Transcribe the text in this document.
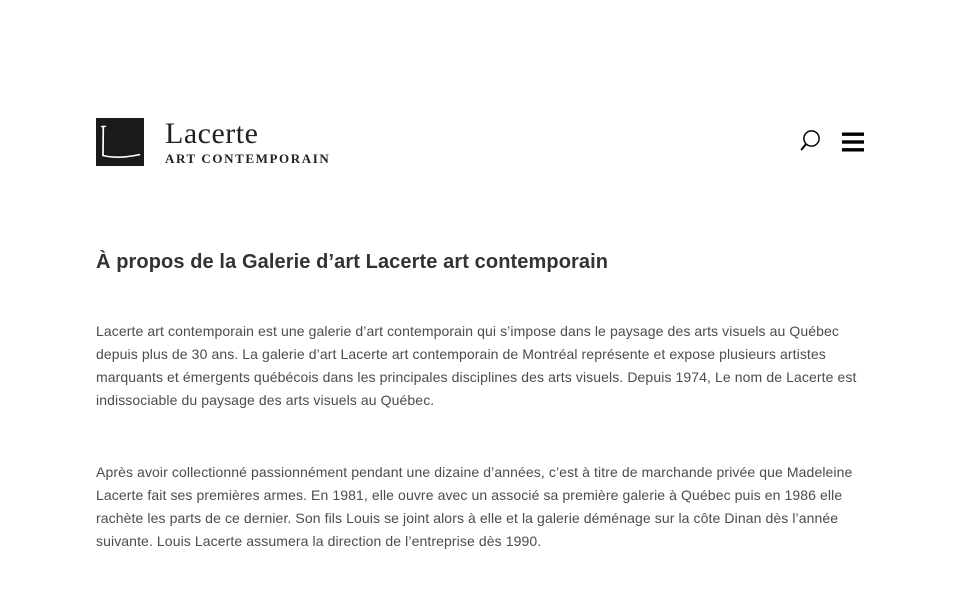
Lacerte
ART CONTEMPORAIN
À propos de la Galerie d’art Lacerte art contemporain

Lacerte art contemporain est une galerie d’art contemporain qui s’impose dans le paysage des arts visuels au Québec depuis plus de 30 ans. La galerie d’art Lacerte art contemporain de Montréal représente et expose plusieurs artistes marquants et émergents québécois dans les principales disciplines des arts visuels. Depuis 1974, Le nom de Lacerte est indissociable du paysage des arts visuels au Québec.

Après avoir collectionné passionnément pendant une dizaine d’années, c’est à titre de marchande privée que Madeleine Lacerte fait ses premières armes. En 1981, elle ouvre avec un associé sa première galerie à Québec puis en 1986 elle rachète les parts de ce dernier. Son fils Louis se joint alors à elle et la galerie déménage sur la côte Dinan dès l’année suivante. Louis Lacerte assumera la direction de l’entreprise dès 1990.
